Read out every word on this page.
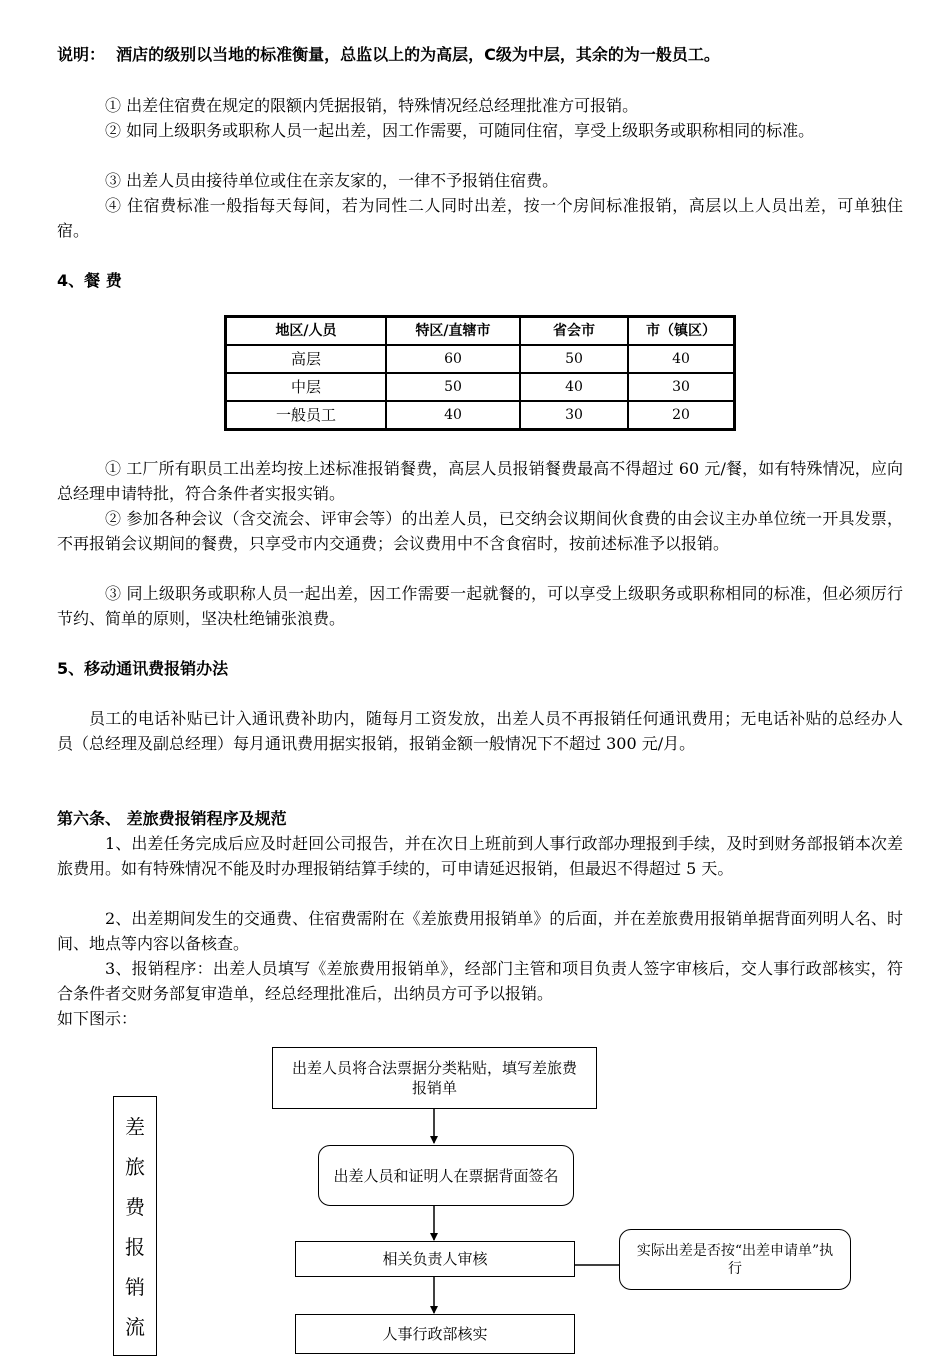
说明： 酒店的级别以当地的标准衡量，总监以上的为高层，C级为中层，其余的为一般员工。

① 出差住宿费在规定的限额内凭据报销，特殊情况经总经理批准方可报销。

② 如同上级职务或职称人员一起出差，因工作需要，可随同住宿，享受上级职务或职称相同的标准。

③ 出差人员由接待单位或住在亲友家的，一律不予报销住宿费。

④ 住宿费标准一般指每天每间，若为同性二人同时出差，按一个房间标准报销，高层以上人员出差，可单独住宿。

4、餐 费
地区/人员	特区/直辖市	省会市	市（镇区）
高层	60	50	40
中层	50	40	30
一般员工	40	30	20

① 工厂所有职员工出差均按上述标准报销餐费，高层人员报销餐费最高不得超过 60 元/餐，如有特殊情况，应向总经理申请特批，符合条件者实报实销。

② 参加各种会议（含交流会、评审会等）的出差人员，已交纳会议期间伙食费的由会议主办单位统一开具发票，不再报销会议期间的餐费，只享受市内交通费；会议费用中不含食宿时，按前述标准予以报销。

③ 同上级职务或职称人员一起出差，因工作需要一起就餐的，可以享受上级职务或职称相同的标准，但必须厉行节约、简单的原则，坚决杜绝铺张浪费。

5、移动通讯费报销办法

员工的电话补贴已计入通讯费补助内，随每月工资发放，出差人员不再报销任何通讯费用；无电话补贴的总经办人员（总经理及副总经理）每月通讯费用据实报销，报销金额一般情况下不超过 300 元/月。

第六条、 差旅费报销程序及规范

1、出差任务完成后应及时赶回公司报告，并在次日上班前到人事行政部办理报到手续，及时到财务部报销本次差旅费用。如有特殊情况不能及时办理报销结算手续的，可申请延迟报销，但最迟不得超过 5 天。

2、出差期间发生的交通费、住宿费需附在《差旅费用报销单》的后面，并在差旅费用报销单据背面列明人名、时间、地点等内容以备核查。

3、报销程序：出差人员填写《差旅费用报销单》，经部门主管和项目负责人签字审核后，交人事行政部核实，符合条件者交财务部复审造单，经总经理批准后，出纳员方可予以报销。

如下图示：
差
旅
费
报
销
流
出差人员将合法票据分类粘贴，填写差旅费报销单
出差人员和证明人在票据背面签名
相关负责人审核	实际出差是否按“出差申请单”执行
人事行政部核实
